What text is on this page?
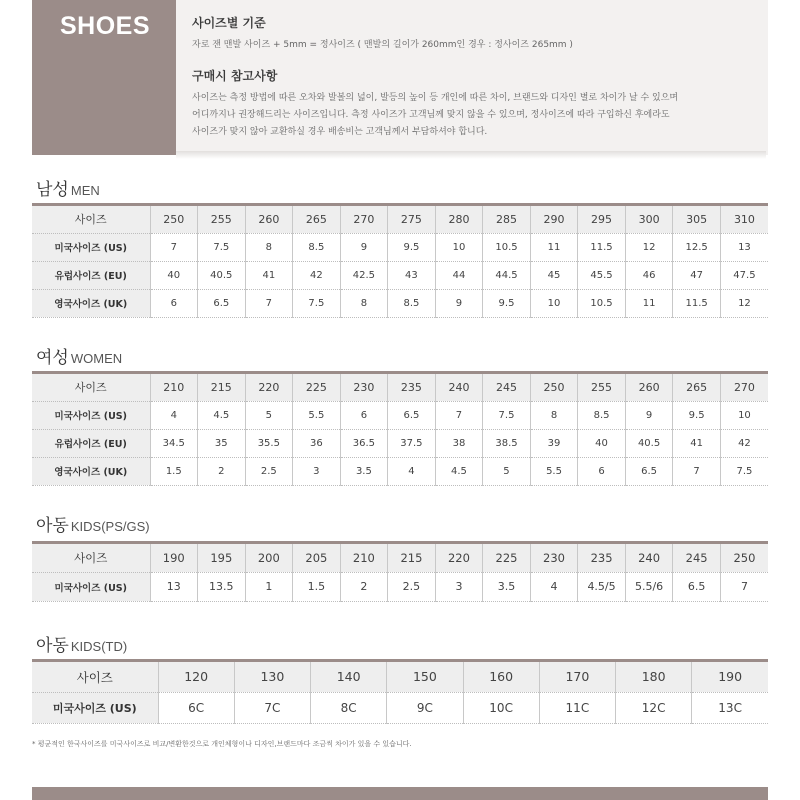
SHOES	사이즈별 기준

자로 잰 맨발 사이즈 + 5mm = 정사이즈 ( 맨발의 길이가 260mm인 경우 : 정사이즈 265mm )

구매시 참고사항

사이즈는 측정 방법에 따른 오차와 발볼의 넓이, 발등의 높이 등 개인에 따른 차이, 브랜드와 디자인 별로 차이가 날 수 있으며

어디까지나 권장해드리는 사이즈입니다. 측정 사이즈가 고객님께 맞지 않을 수 있으며, 정사이즈에 따라 구입하신 후에라도

사이즈가 맞지 않아 교환하실 경우 배송비는 고객님께서 부담하셔야 합니다.

남성 MEN
사이즈	250	255	260	265	270	275	280	285	290	295	300	305	310
미국사이즈 (US)	7	7.5	8	8.5	9	9.5	10	10.5	11	11.5	12	12.5	13
유럽사이즈 (EU)	40	40.5	41	42	42.5	43	44	44.5	45	45.5	46	47	47.5
영국사이즈 (UK)	6	6.5	7	7.5	8	8.5	9	9.5	10	10.5	11	11.5	12
여성 WOMEN
사이즈	210	215	220	225	230	235	240	245	250	255	260	265	270
미국사이즈 (US)	4	4.5	5	5.5	6	6.5	7	7.5	8	8.5	9	9.5	10
유럽사이즈 (EU)	34.5	35	35.5	36	36.5	37.5	38	38.5	39	40	40.5	41	42
영국사이즈 (UK)	1.5	2	2.5	3	3.5	4	4.5	5	5.5	6	6.5	7	7.5
아동 KIDS(PS/GS)
사이즈	190	195	200	205	210	215	220	225	230	235	240	245	250
미국사이즈 (US)	13	13.5	1	1.5	2	2.5	3	3.5	4	4.5/5	5.5/6	6.5	7
아동 KIDS(TD)
사이즈	120	130	140	150	160	170	180	190
미국사이즈 (US)	6C	7C	8C	9C	10C	11C	12C	13C
* 평균적인 한국사이즈를 미국사이즈로 비교/변환한것으로 개인체형이나 디자인,브랜드마다 조금씩 차이가 있을 수 있습니다.
